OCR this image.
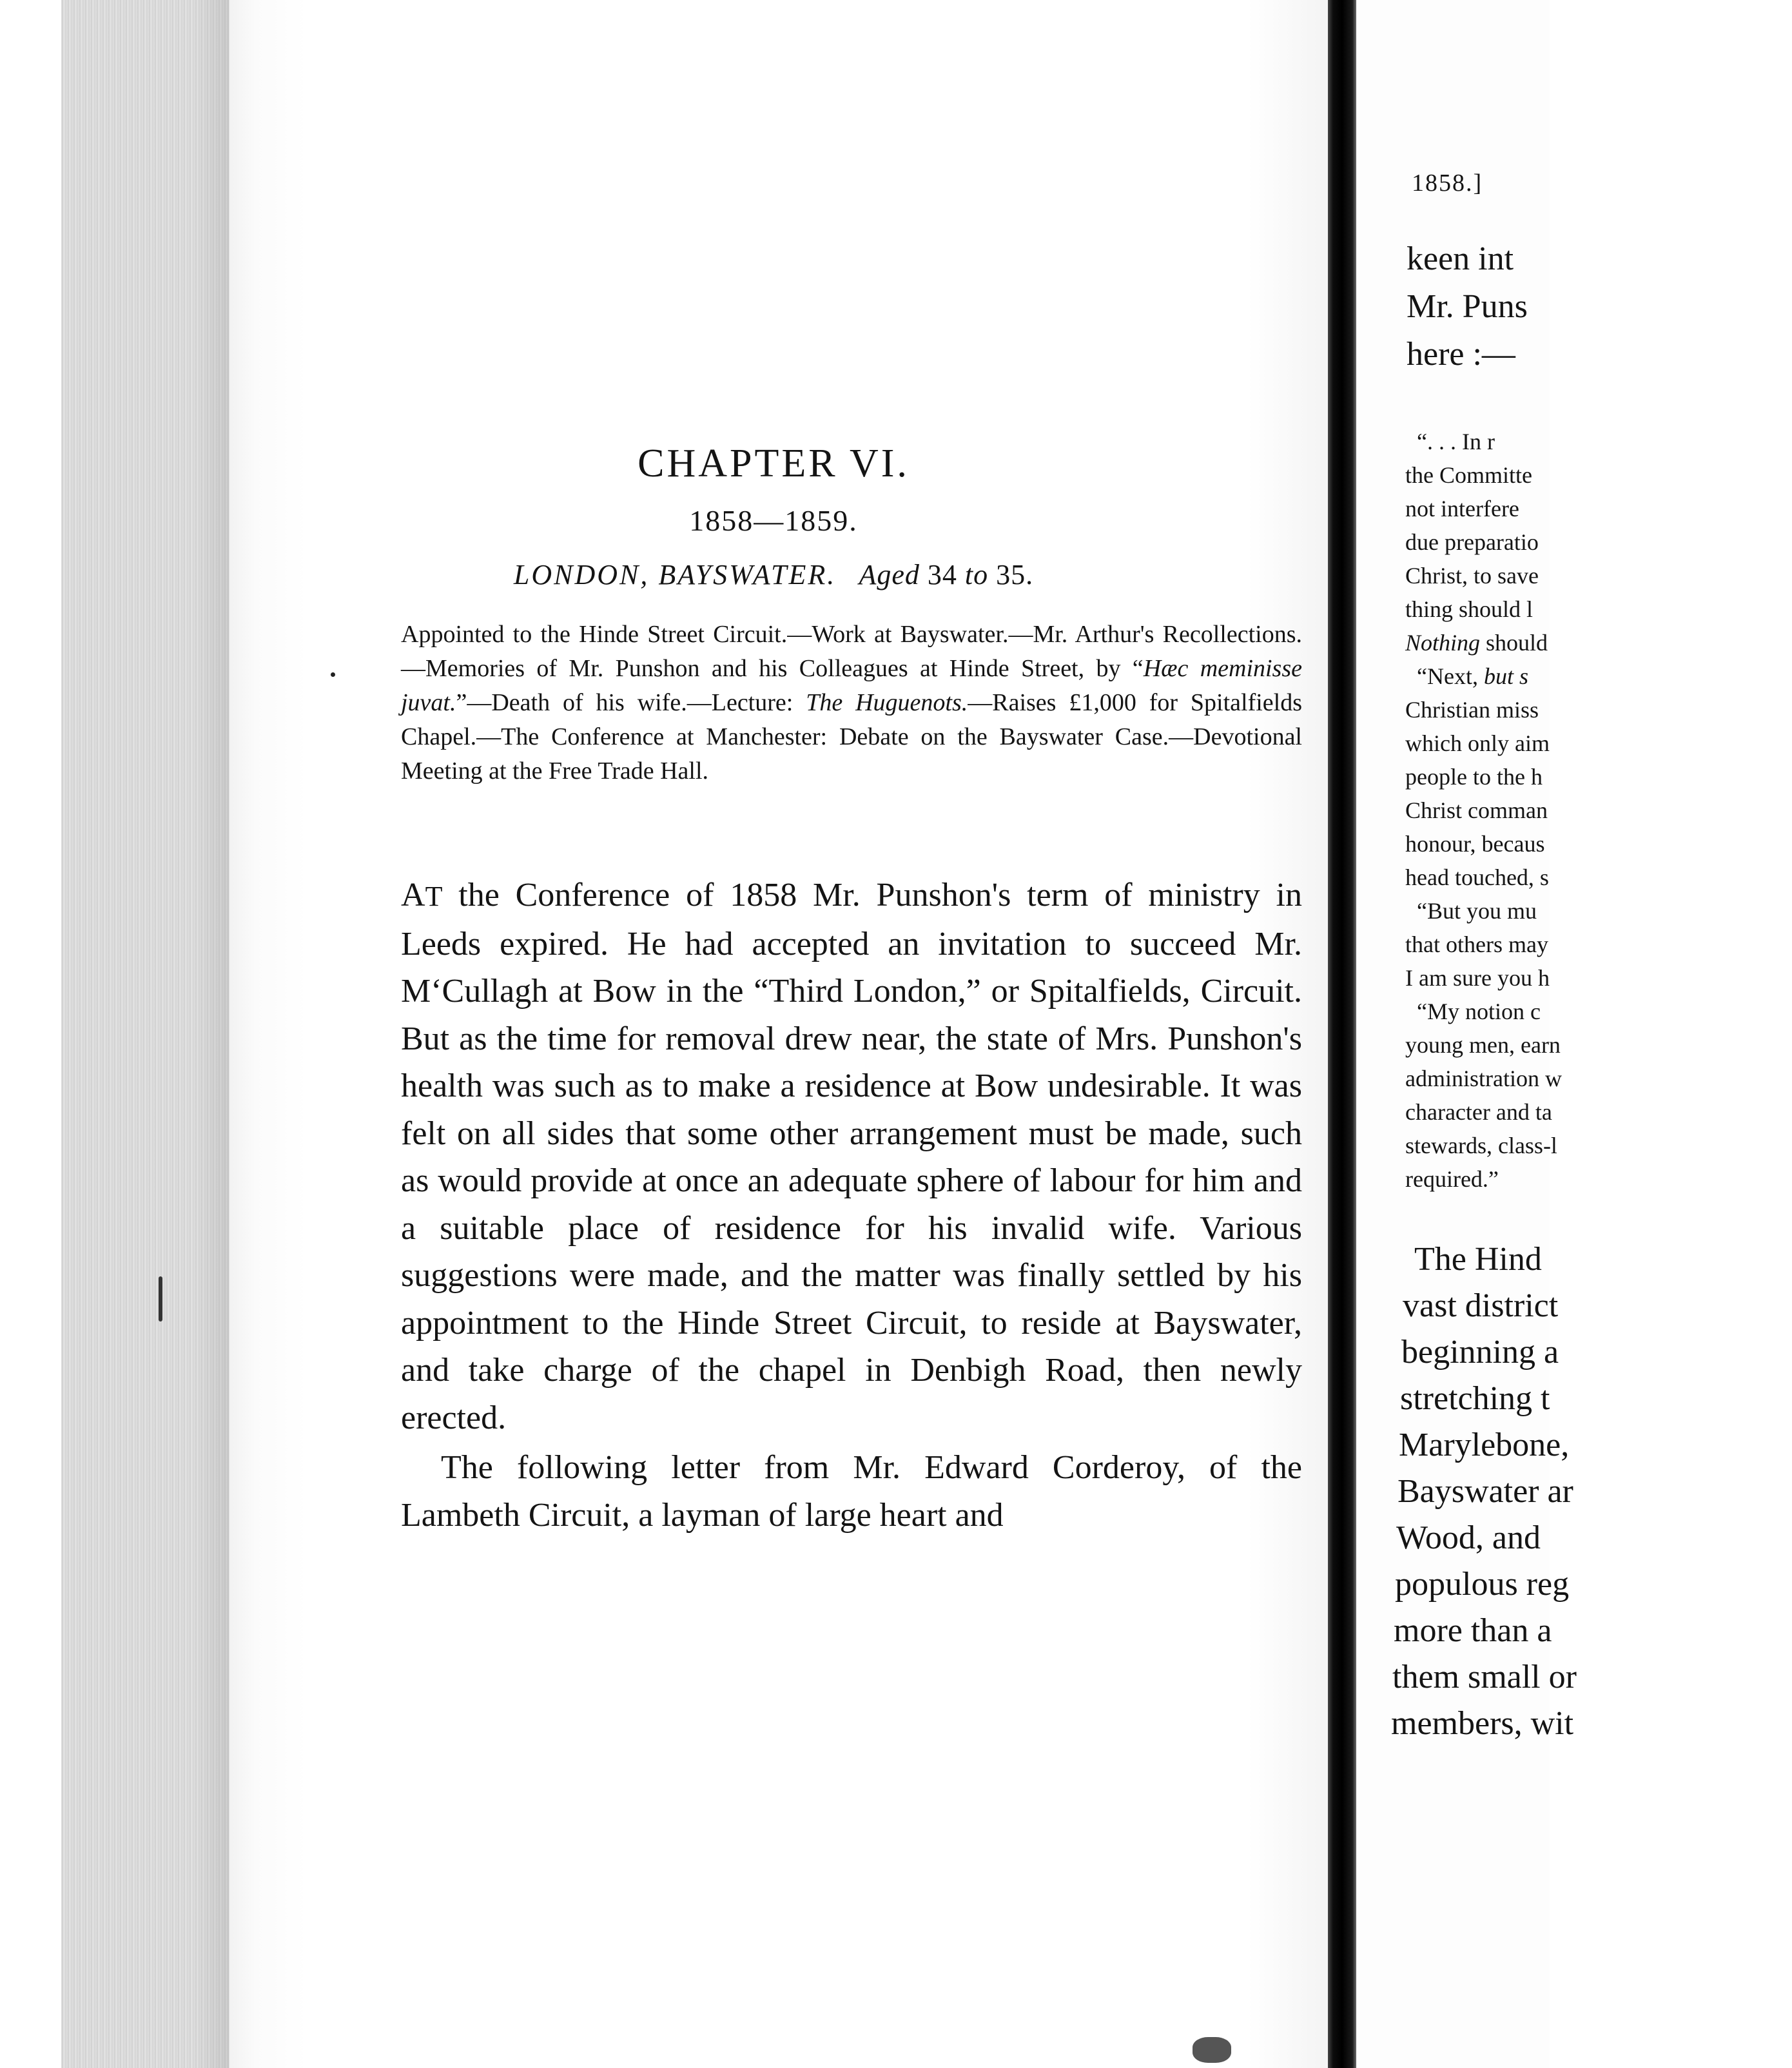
CHAPTER VI.
1858—1859.
LONDON, BAYSWATER. Aged 34 to 35.
Appointed to the Hinde Street Circuit.—Work at Bayswater.—Mr. Arthur's Recollections.—Memories of Mr. Punshon and his Colleagues at Hinde Street, by “Hæc meminisse juvat.”—Death of his wife.—Lecture: The Huguenots.—Raises £1,000 for Spitalfields Chapel.—The Conference at Manchester: Debate on the Bayswater Case.—Devotional Meeting at the Free Trade Hall.

AT the Conference of 1858 Mr. Punshon's term of ministry in Leeds expired. He had accepted an invitation to succeed Mr. M‘Cullagh at Bow in the “Third London,” or Spitalfields, Circuit. But as the time for removal drew near, the state of Mrs. Punshon's health was such as to make a residence at Bow undesirable. It was felt on all sides that some other arrangement must be made, such as would provide at once an adequate sphere of labour for him and a suitable place of residence for his invalid wife. Various suggestions were made, and the matter was finally settled by his appointment to the Hinde Street Circuit, to reside at Bayswater, and take charge of the chapel in Denbigh Road, then newly erected.

The following letter from Mr. Edward Corderoy, of the Lambeth Circuit, a layman of large heart and

1858.]
keen int
Mr. Puns
here :—
“. . . In r
the Committe
not interfere
due preparatio
Christ, to save
thing should l
Nothing should
“Next, but s
Christian miss
which only aim
people to the h
Christ comman
honour, becaus
head touched, s
“But you mu
that others may
I am sure you h
“My notion c
young men, earn
administration w
character and ta
stewards, class-l
required.”
The Hind
vast district
beginning a
stretching t
Marylebone,
Bayswater ar
Wood, and
populous reg
more than a
them small or
members, wit
